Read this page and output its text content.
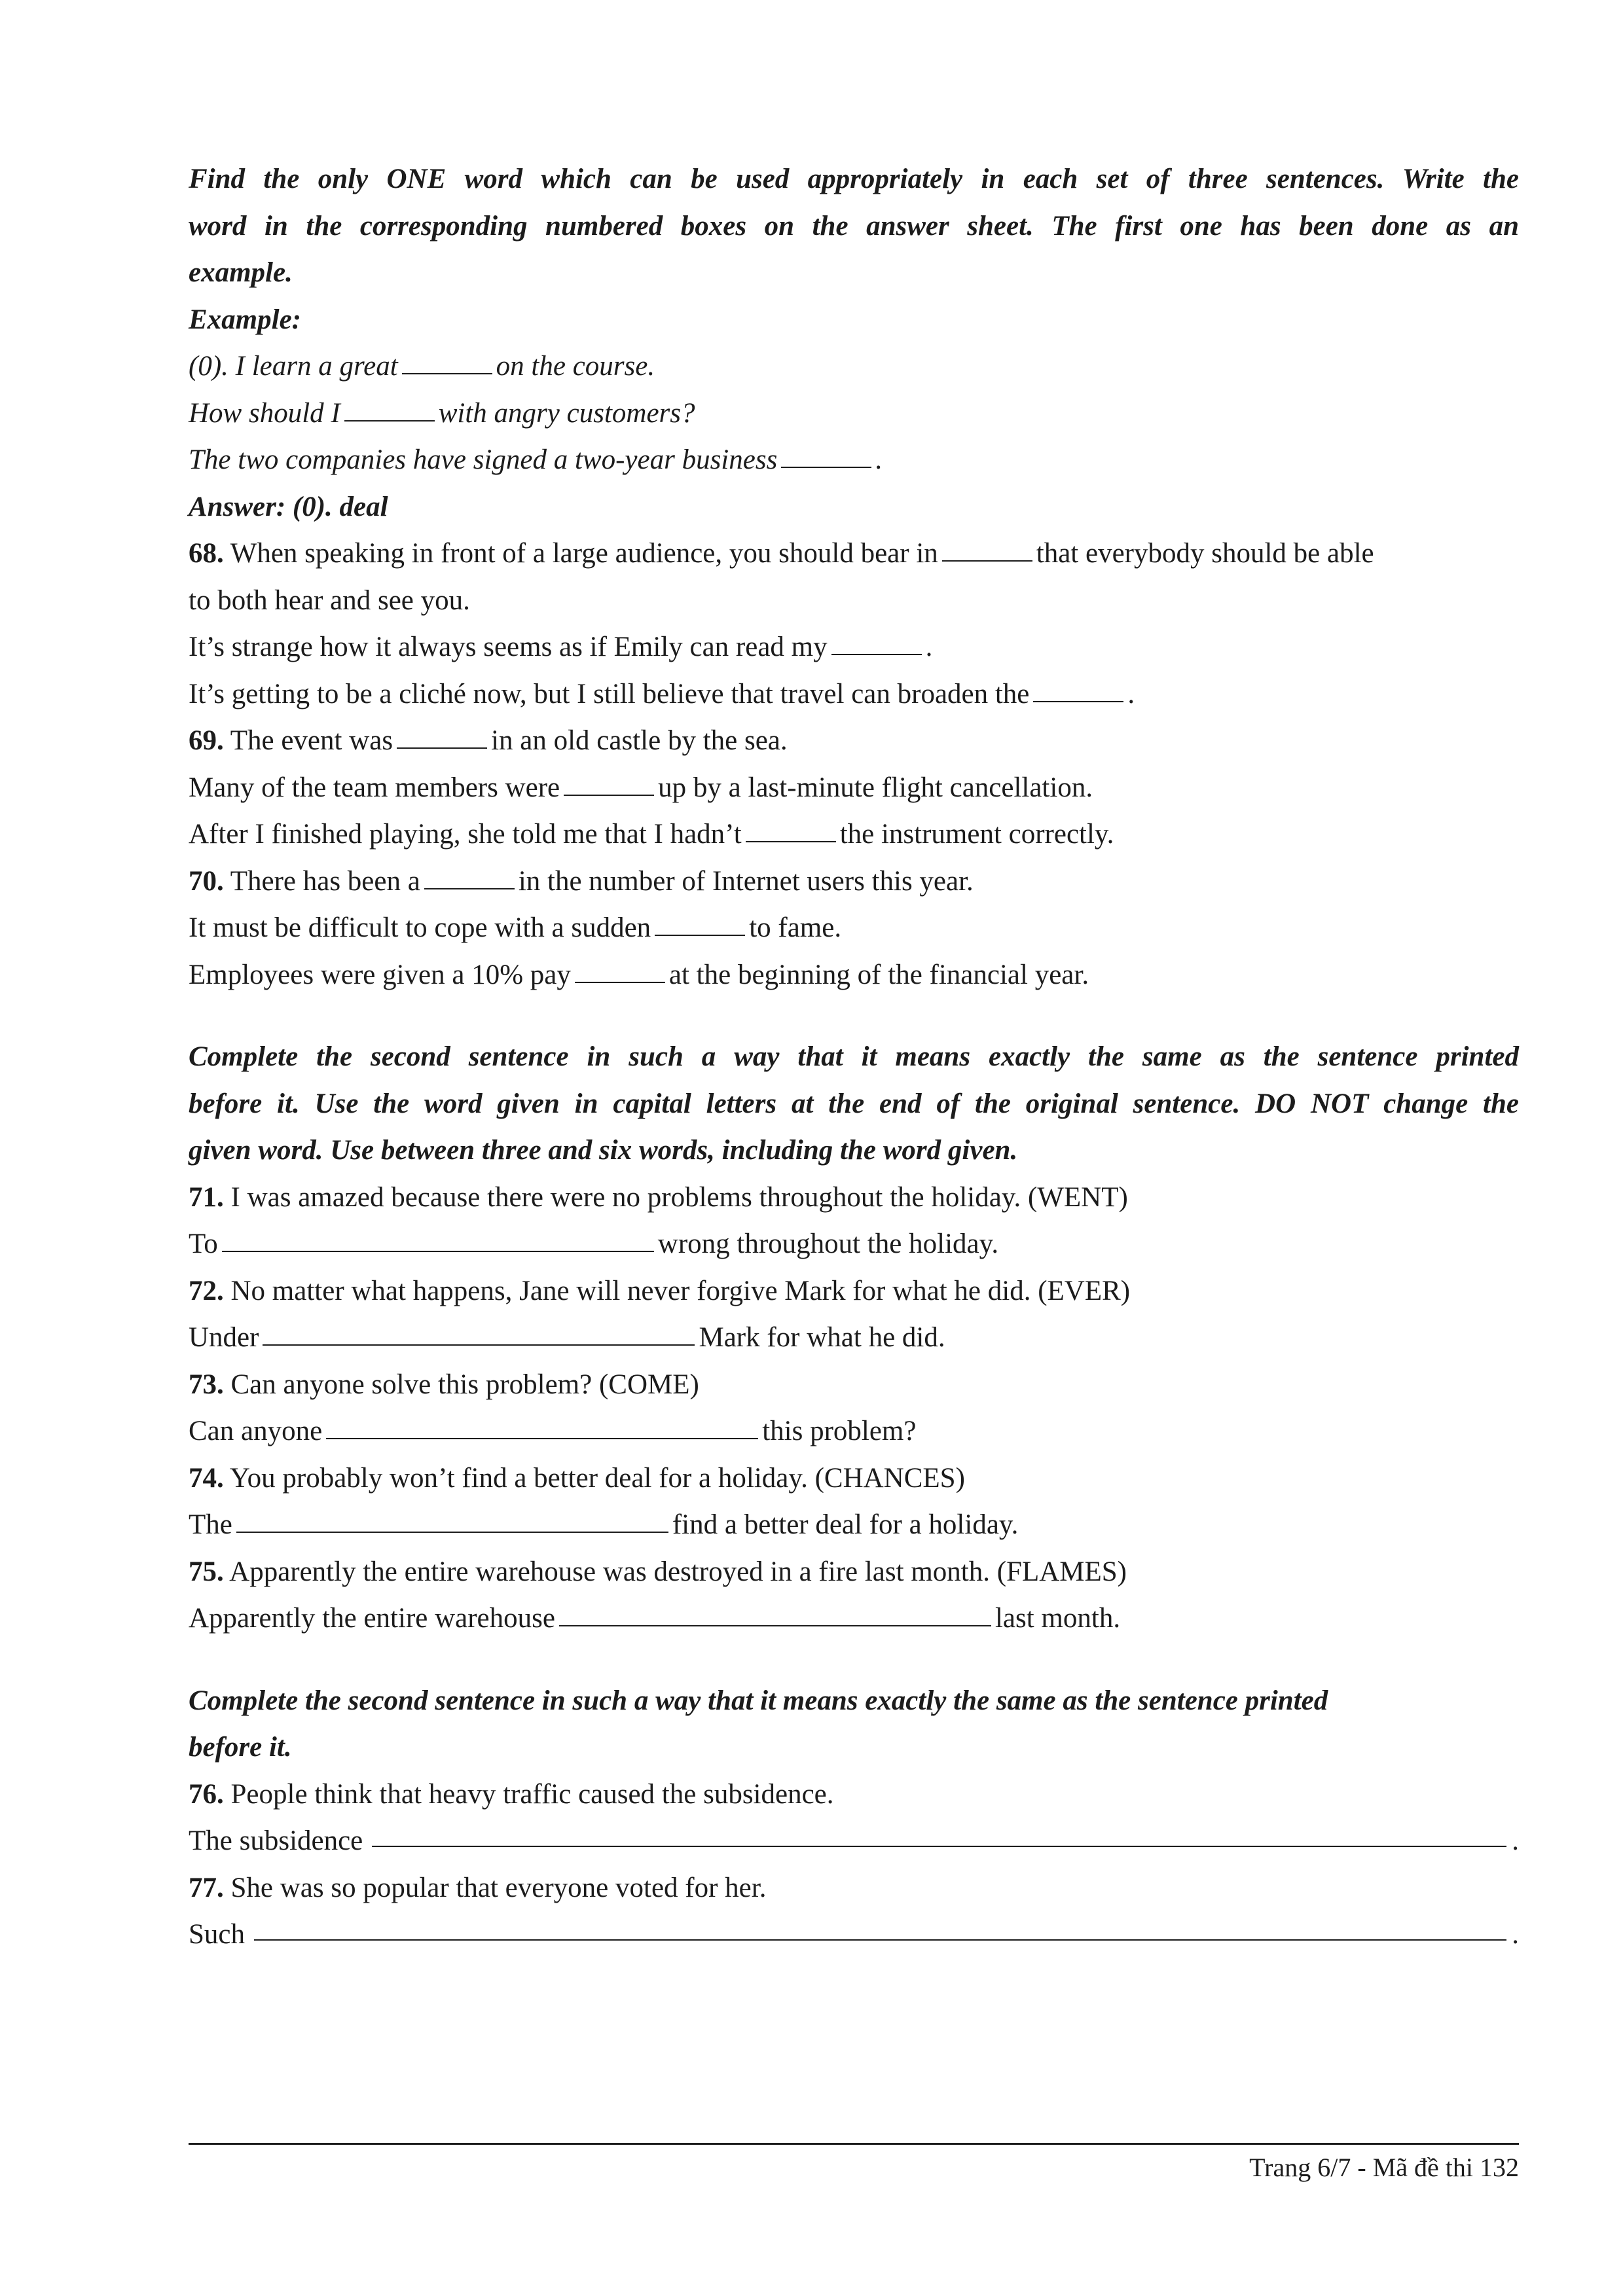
Find the only ONE word which can be used appropriately in each set of three sentences. Write the
word in the corresponding numbered boxes on the answer sheet. The first one has been done as an
example.
Example:
(0). I learn a great	on the course.
How should I	with angry customers?
The two companies have signed a two-year business	.
Answer: (0). deal
68. When speaking in front of a large audience, you should bear in	that everybody should be able
to both hear and see you.
It’s strange how it always seems as if Emily can read my	.
It’s getting to be a cliché now, but I still believe that travel can broaden the	.
69. The event was	in an old castle by the sea.
Many of the team members were	up by a last-minute flight cancellation.
After I finished playing, she told me that I hadn’t	the instrument correctly.
70. There has been a	in the number of Internet users this year.
It must be difficult to cope with a sudden	to fame.
Employees were given a 10% pay	at the beginning of the financial year.
Complete the second sentence in such a way that it means exactly the same as the sentence printed
before it. Use the word given in capital letters at the end of the original sentence. DO NOT change the
given word. Use between three and six words, including the word given.
71. I was amazed because there were no problems throughout the holiday. (WENT)
To	wrong throughout the holiday.
72. No matter what happens, Jane will never forgive Mark for what he did. (EVER)
Under	Mark for what he did.
73. Can anyone solve this problem? (COME)
Can anyone	this problem?
74. You probably won’t find a better deal for a holiday. (CHANCES)
The	find a better deal for a holiday.
75. Apparently the entire warehouse was destroyed in a fire last month. (FLAMES)
Apparently the entire warehouse	last month.
Complete the second sentence in such a way that it means exactly the same as the sentence printed
before it.
76. People think that heavy traffic caused the subsidence.
The subsidence	.
77. She was so popular that everyone voted for her.
Such	.
Trang 6/7 - Mã đề thi 132
